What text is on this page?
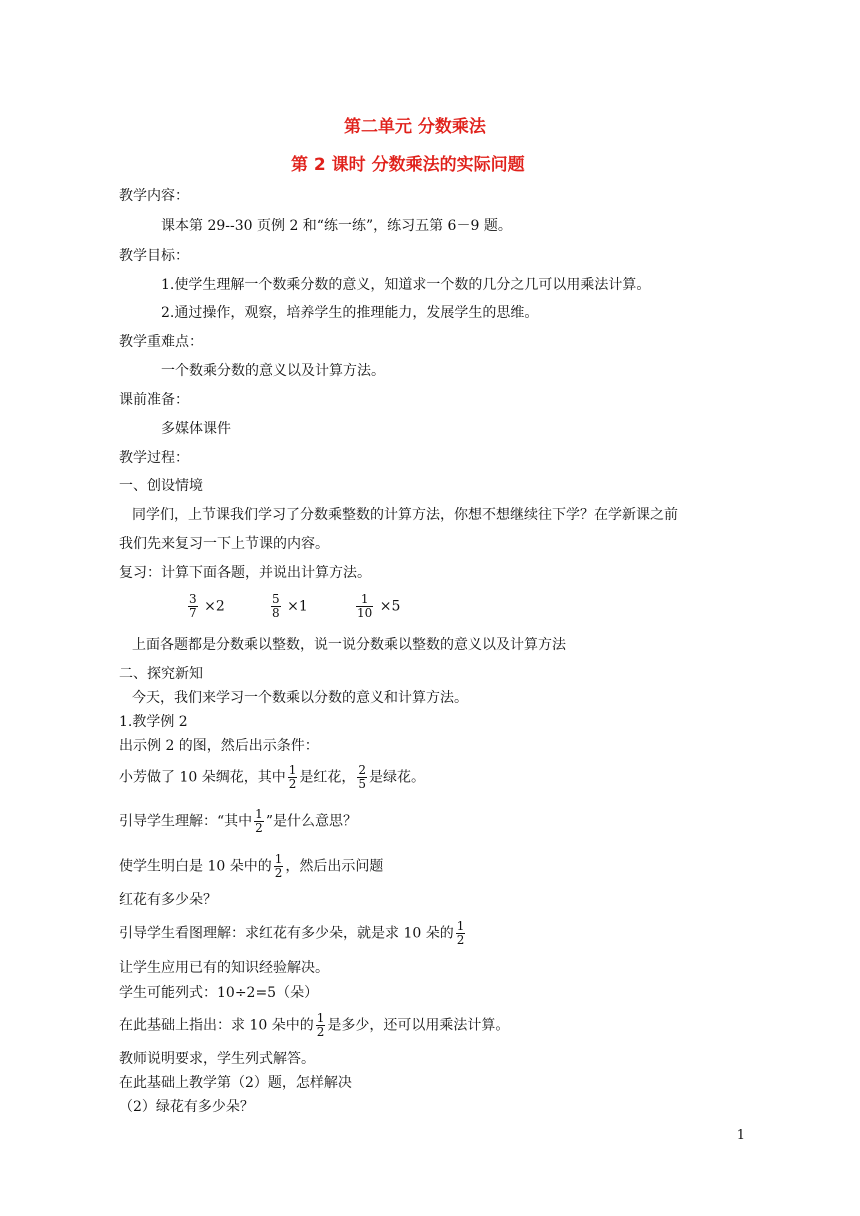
第二单元 分数乘法
第 2 课时 分数乘法的实际问题
教学内容：
课本第 29--30 页例 2 和“练一练”，练习五第 6－9 题。
教学目标：
1.使学生理解一个数乘分数的意义，知道求一个数的几分之几可以用乘法计算。
2.通过操作，观察，培养学生的推理能力，发展学生的思维。
教学重难点：
一个数乘分数的意义以及计算方法。
课前准备：
多媒体课件
教学过程：
一、创设情境
同学们，上节课我们学习了分数乘整数的计算方法，你想不想继续往下学？在学新课之前
我们先来复习一下上节课的内容。
复习：计算下面各题，并说出计算方法。
$\frac{3}{7} \times 2$	$\frac{5}{8} \times 1$	$\frac{1}{10} \times 5$
上面各题都是分数乘以整数，说一说分数乘以整数的意义以及计算方法
二、探究新知
今天，我们来学习一个数乘以分数的意义和计算方法。
1.教学例 2
出示例 2 的图，然后出示条件：
小芳做了 10 朵绸花，其中 $\frac{1}{2}$ 是红花， $\frac{2}{5}$ 是绿花。
引导学生理解：“其中 $\frac{1}{2}$ ”是什么意思？
使学生明白是 10 朵中的 $\frac{1}{2}$ ，然后出示问题
红花有多少朵？
引导学生看图理解：求红花有多少朵，就是求 10 朵的 $\frac{1}{2}$
让学生应用已有的知识经验解决。
学生可能列式：10÷2=5（朵）
在此基础上指出：求 10 朵中的 $\frac{1}{2}$ 是多少，还可以用乘法计算。
教师说明要求，学生列式解答。
在此基础上教学第（2）题，怎样解决
（2）绿花有多少朵？
1
